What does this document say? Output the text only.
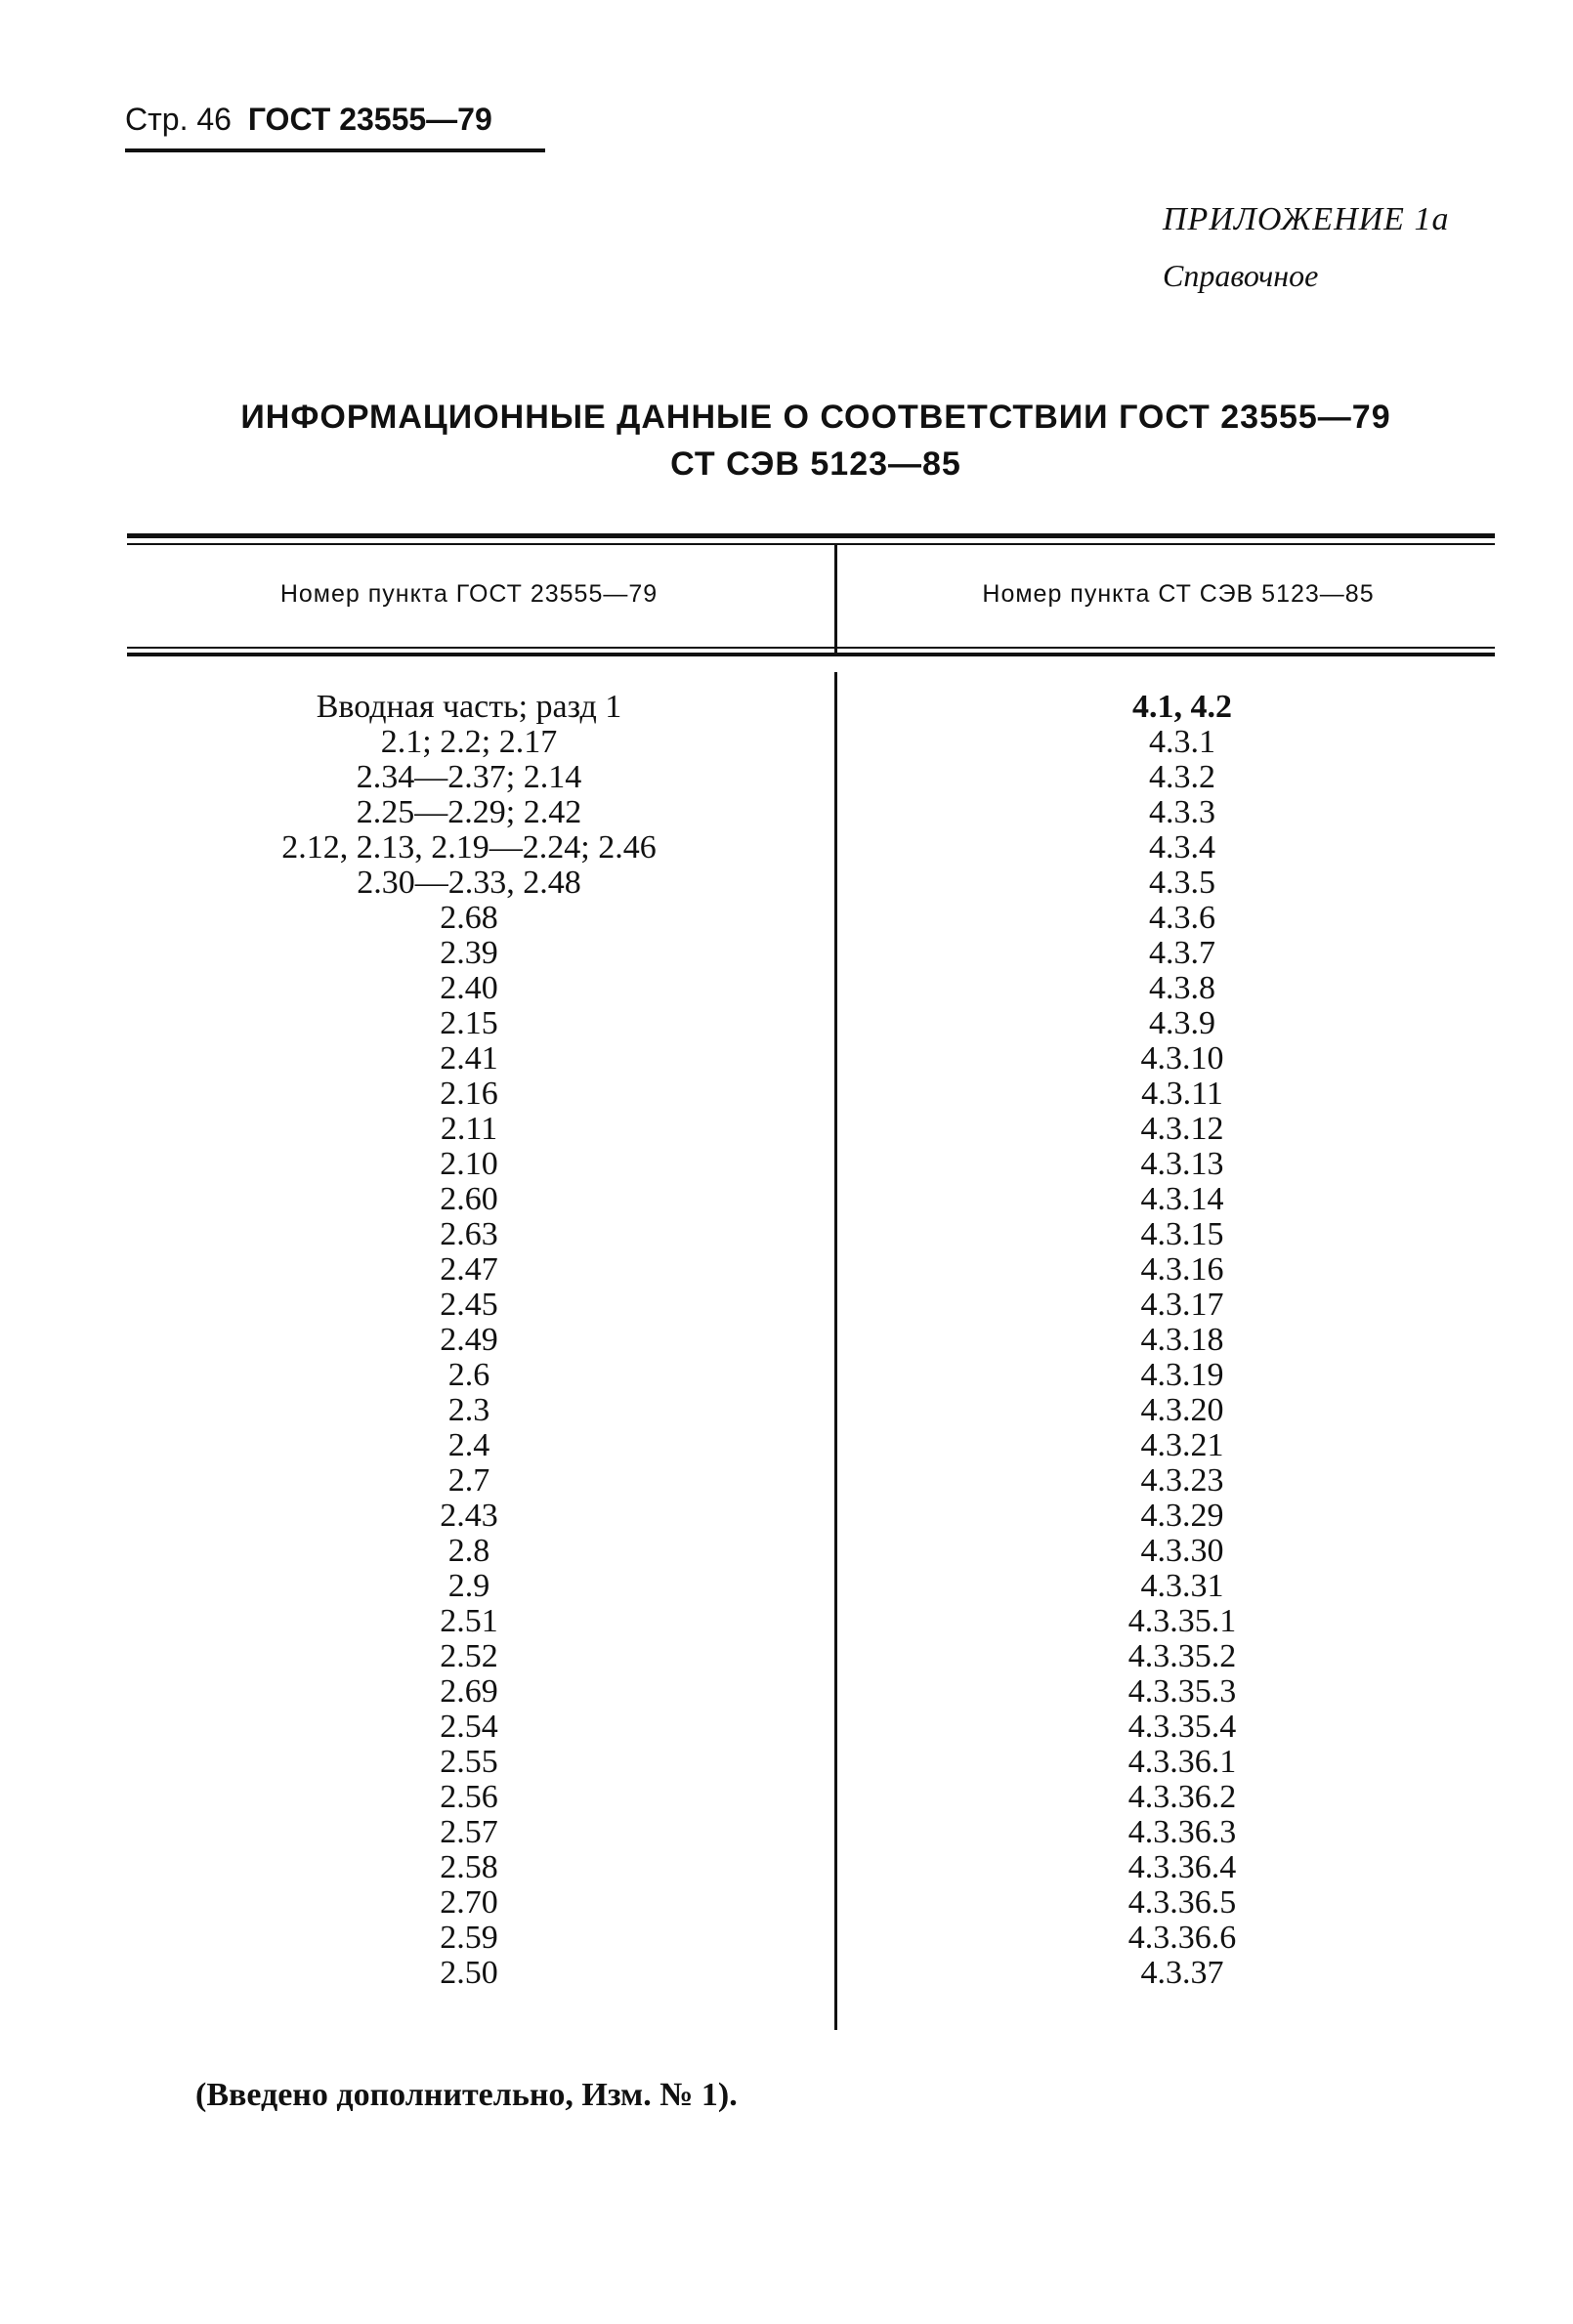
Стр. 46 ГОСТ 23555—79
ПРИЛОЖЕНИЕ 1а
Справочное
ИНФОРМАЦИОННЫЕ ДАННЫЕ О СООТВЕТСТВИИ ГОСТ 23555—79
СТ СЭВ 5123—85
Номер пункта ГОСТ 23555—79	Номер пункта СТ СЭВ 5123—85
Вводная часть; разд 1
2.1; 2.2; 2.17
2.34—2.37; 2.14
2.25—2.29; 2.42
2.12, 2.13, 2.19—2.24; 2.46
2.30—2.33, 2.48
2.68
2.39
2.40
2.15
2.41
2.16
2.11
2.10
2.60
2.63
2.47
2.45
2.49
2.6
2.3
2.4
2.7
2.43
2.8
2.9
2.51
2.52
2.69
2.54
2.55
2.56
2.57
2.58
2.70
2.59
2.50
4.1, 4.2
4.3.1
4.3.2
4.3.3
4.3.4
4.3.5
4.3.6
4.3.7
4.3.8
4.3.9
4.3.10
4.3.11
4.3.12
4.3.13
4.3.14
4.3.15
4.3.16
4.3.17
4.3.18
4.3.19
4.3.20
4.3.21
4.3.23
4.3.29
4.3.30
4.3.31
4.3.35.1
4.3.35.2
4.3.35.3
4.3.35.4
4.3.36.1
4.3.36.2
4.3.36.3
4.3.36.4
4.3.36.5
4.3.36.6
4.3.37
(Введено дополнительно, Изм. № 1).
